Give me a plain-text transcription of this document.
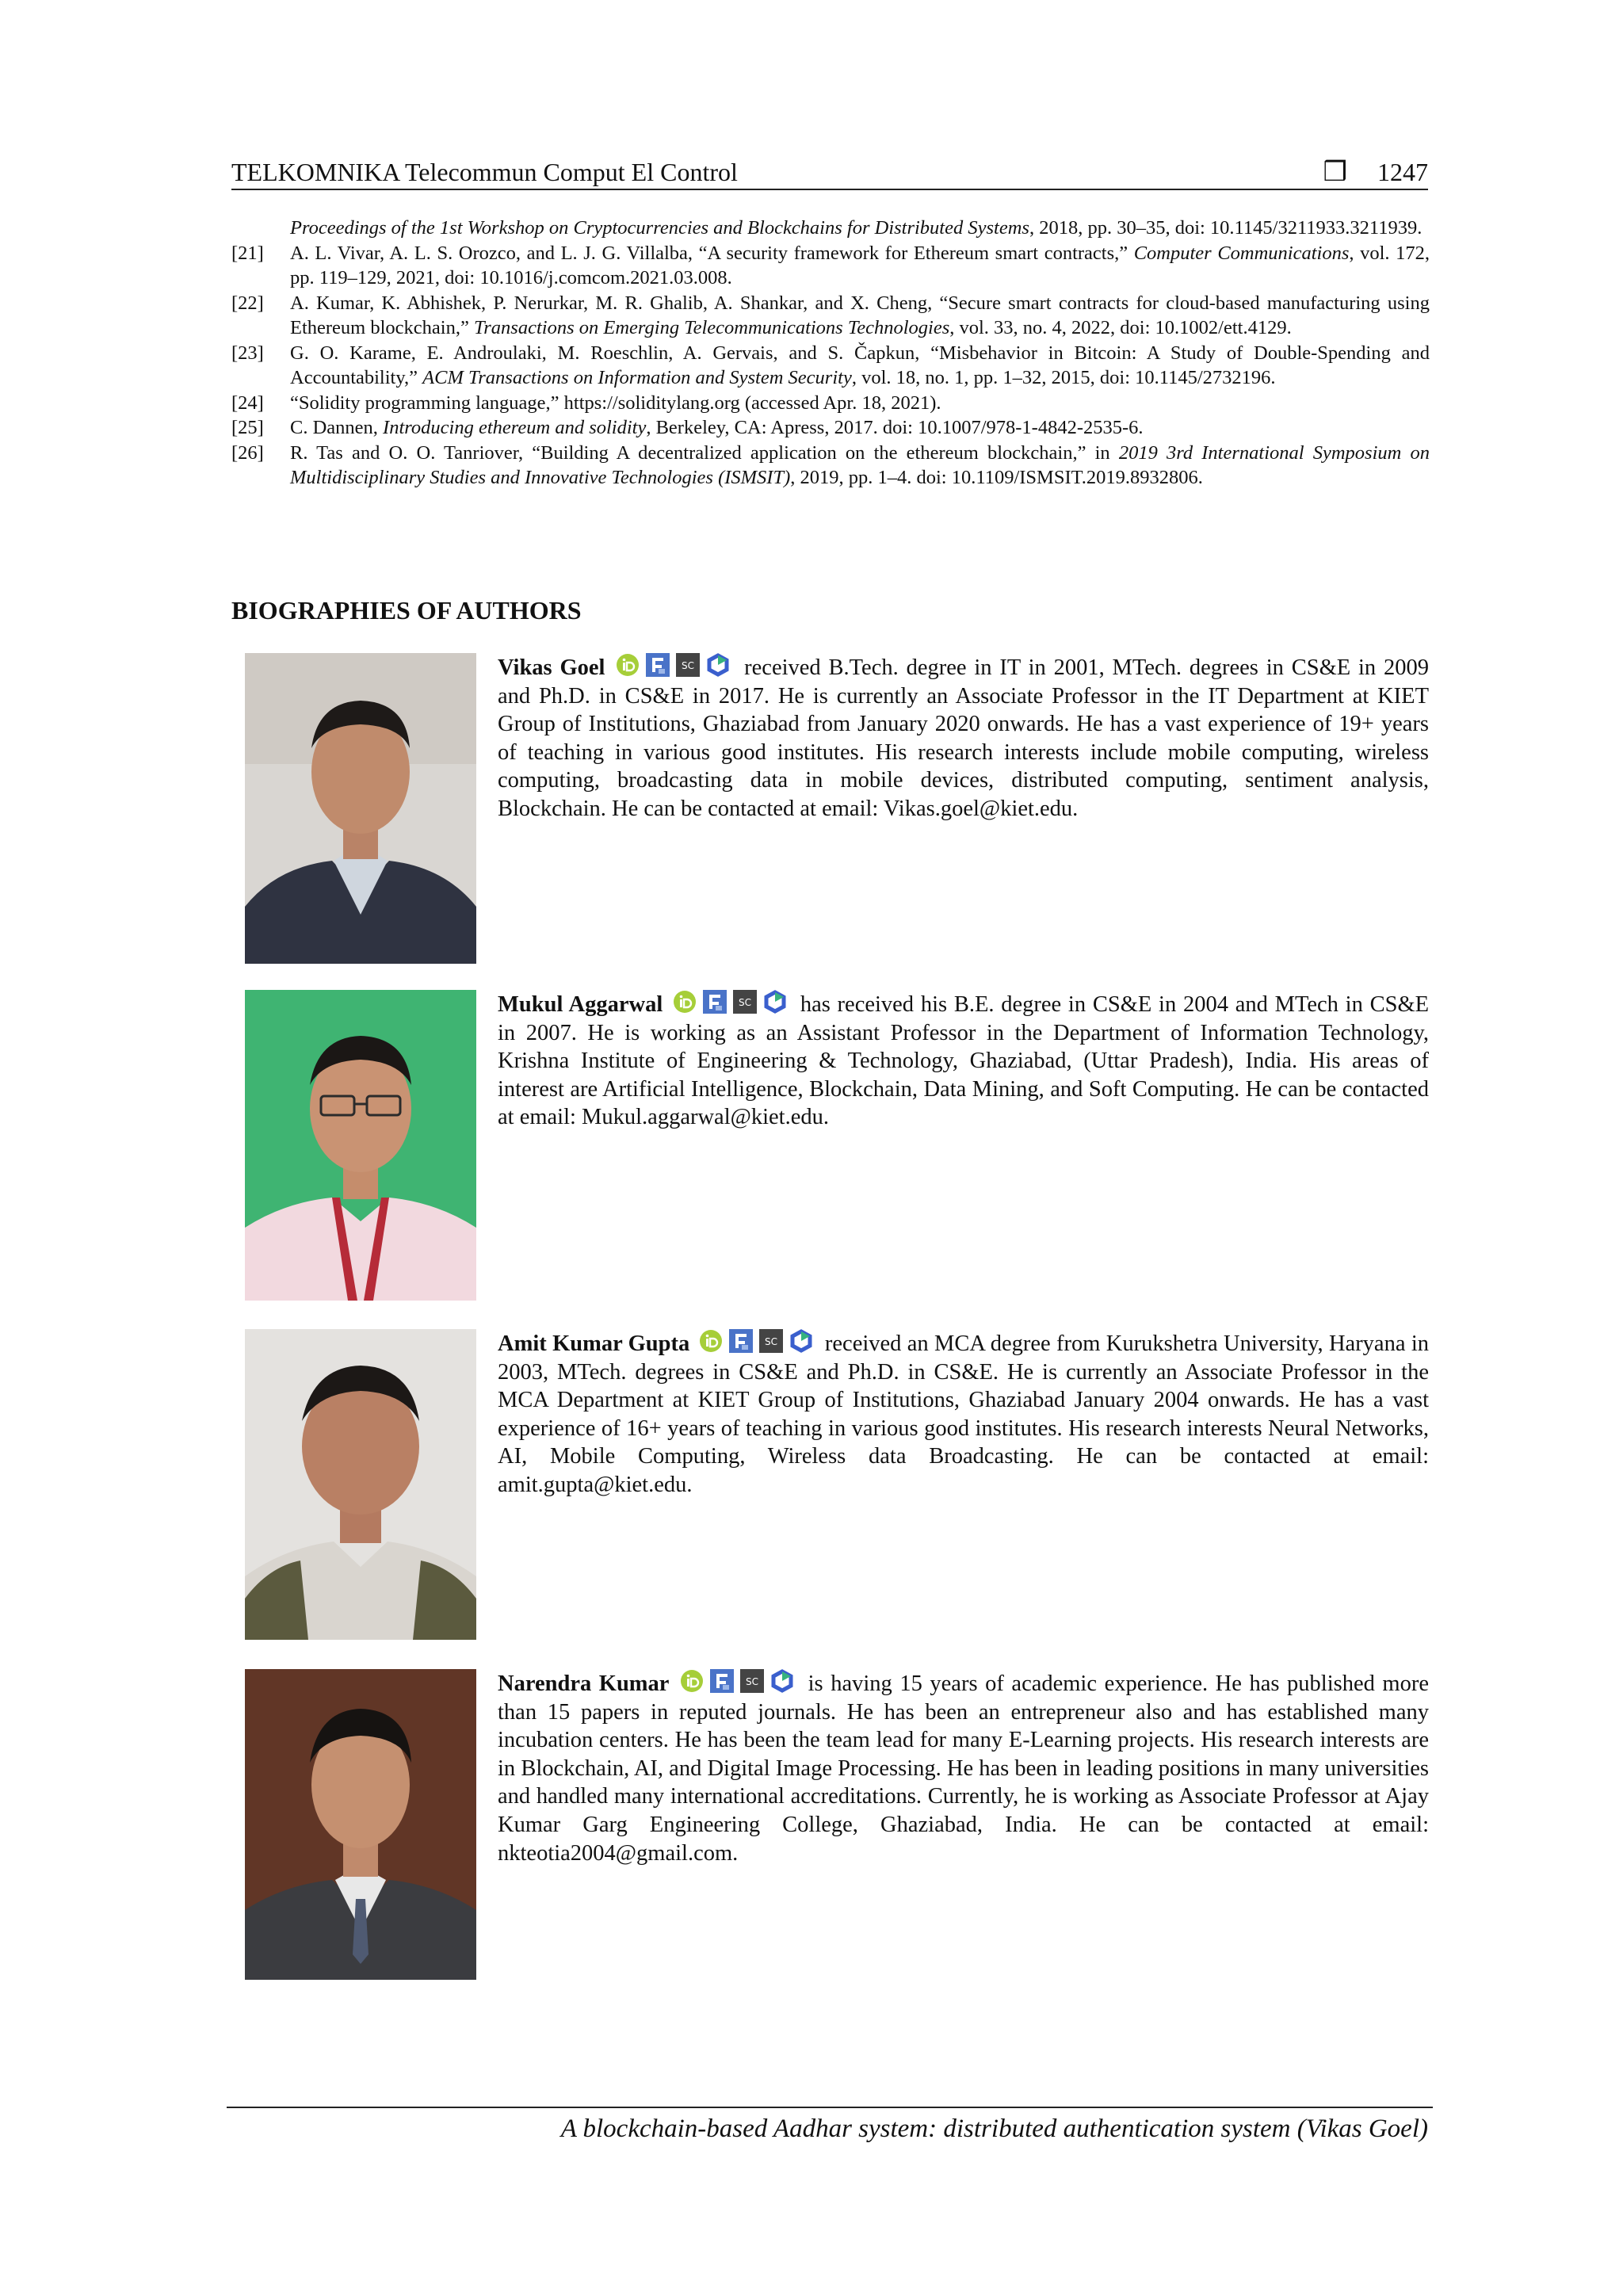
TELKOMNIKA Telecommun Comput El Control	❒ 1247
Proceedings of the 1st Workshop on Cryptocurrencies and Blockchains for Distributed Systems, 2018, pp. 30–35, doi: 10.1145/3211933.3211939.
[21]	A. L. Vivar, A. L. S. Orozco, and L. J. G. Villalba, “A security framework for Ethereum smart contracts,” Computer Communications, vol. 172, pp. 119–129, 2021, doi: 10.1016/j.comcom.2021.03.008.
[22]	A. Kumar, K. Abhishek, P. Nerurkar, M. R. Ghalib, A. Shankar, and X. Cheng, “Secure smart contracts for cloud-based manufacturing using Ethereum blockchain,” Transactions on Emerging Telecommunications Technologies, vol. 33, no. 4, 2022, doi: 10.1002/ett.4129.
[23]	G. O. Karame, E. Androulaki, M. Roeschlin, A. Gervais, and S. Čapkun, “Misbehavior in Bitcoin: A Study of Double-Spending and Accountability,” ACM Transactions on Information and System Security, vol. 18, no. 1, pp. 1–32, 2015, doi: 10.1145/2732196.
[24]	“Solidity programming language,” https://soliditylang.org (accessed Apr. 18, 2021).
[25]	C. Dannen, Introducing ethereum and solidity, Berkeley, CA: Apress, 2017. doi: 10.1007/978-1-4842-2535-6.
[26]	R. Tas and O. O. Tanriover, “Building A decentralized application on the ethereum blockchain,” in 2019 3rd International Symposium on Multidisciplinary Studies and Innovative Technologies (ISMSIT), 2019, pp. 1–4. doi: 10.1109/ISMSIT.2019.8932806.
BIOGRAPHIES OF AUTHORS
Vikas Goel	SC received B.Tech. degree in IT in 2001, MTech. degrees in CS&E in 2009 and Ph.D. in CS&E in 2017. He is currently an Associate Professor in the IT Department at KIET Group of Institutions, Ghaziabad from January 2020 onwards. He has a vast experience of 19+ years of teaching in various good institutes. His research interests include mobile computing, wireless computing, broadcasting data in mobile devices, distributed computing, sentiment analysis, Blockchain. He can be contacted at email: Vikas.goel@kiet.edu.
Mukul Aggarwal	SC has received his B.E. degree in CS&E in 2004 and MTech in CS&E in 2007. He is working as an Assistant Professor in the Department of Information Technology, Krishna Institute of Engineering & Technology, Ghaziabad, (Uttar Pradesh), India. His areas of interest are Artificial Intelligence, Blockchain, Data Mining, and Soft Computing. He can be contacted at email: Mukul.aggarwal@kiet.edu.
Amit Kumar Gupta	SC received an MCA degree from Kurukshetra University, Haryana in 2003, MTech. degrees in CS&E and Ph.D. in CS&E. He is currently an Associate Professor in the MCA Department at KIET Group of Institutions, Ghaziabad January 2004 onwards. He has a vast experience of 16+ years of teaching in various good institutes. His research interests Neural Networks, AI, Mobile Computing, Wireless data Broadcasting. He can be contacted at email: amit.gupta@kiet.edu.
Narendra Kumar	SC is having 15 years of academic experience. He has published more than 15 papers in reputed journals. He has been an entrepreneur also and has established many incubation centers. He has been the team lead for many E-Learning projects. His research interests are in Blockchain, AI, and Digital Image Processing. He has been in leading positions in many universities and handled many international accreditations. Currently, he is working as Associate Professor at Ajay Kumar Garg Engineering College, Ghaziabad, India. He can be contacted at email: nkteotia2004@gmail.com.
A blockchain-based Aadhar system: distributed authentication system (Vikas Goel)
